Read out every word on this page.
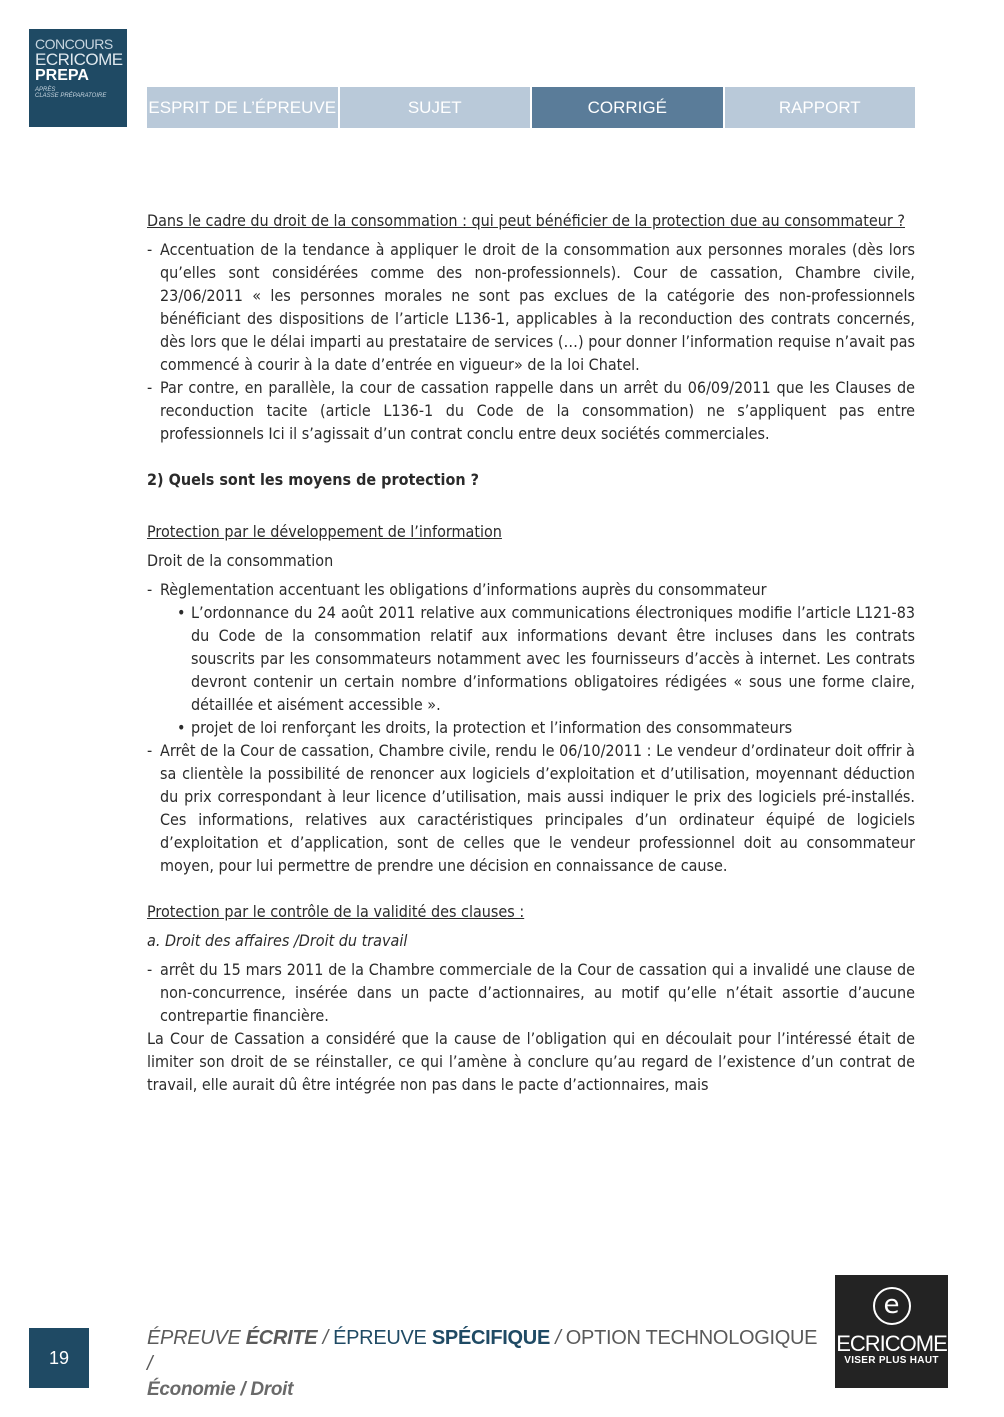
CONCOURS
ECRICOME
PREPA
APRÈS
CLASSE PRÉPARATOIRE
ESPRIT DE L’ÉPREUVE	SUJET	CORRIGÉ	RAPPORT

Dans le cadre du droit de la consommation : qui peut bénéficier de la protection due au consommateur ?

- Accentuation de la tendance à appliquer le droit de la consommation aux personnes morales (dès lors qu’elles sont considérées comme des non-professionnels). Cour de cassation, Chambre civile, 23/06/2011 « les personnes morales ne sont pas exclues de la catégorie des non-professionnels bénéficiant des dispositions de l’article L136-1, applicables à la reconduction des contrats concernés, dès lors que le délai imparti au prestataire de services (…) pour donner l’information requise n’avait pas commencé à courir à la date d’entrée en vigueur» de la loi Chatel.

- Par contre, en parallèle, la cour de cassation rappelle dans un arrêt du 06/09/2011 que les Clauses de reconduction tacite (article L136-1 du Code de la consommation) ne s’appliquent pas entre professionnels Ici il s’agissait d’un contrat conclu entre deux sociétés commerciales.

2) Quels sont les moyens de protection ?

Protection par le développement de l’information

Droit de la consommation

- Règlementation accentuant les obligations d’informations auprès du consommateur

• L’ordonnance du 24 août 2011 relative aux communications électroniques modifie l’article L121-83 du Code de la consommation relatif aux informations devant être incluses dans les contrats souscrits par les consommateurs notamment avec les fournisseurs d’accès à internet. Les contrats devront contenir un certain nombre d’informations obligatoires rédigées « sous une forme claire, détaillée et aisément accessible ».

• projet de loi renforçant les droits, la protection et l’information des consommateurs

- Arrêt de la Cour de cassation, Chambre civile, rendu le 06/10/2011 : Le vendeur d’ordinateur doit offrir à sa clientèle la possibilité de renoncer aux logiciels d’exploitation et d’utilisation, moyennant déduction du prix correspondant à leur licence d’utilisation, mais aussi indiquer le prix des logiciels pré-installés. Ces informations, relatives aux caractéristiques principales d’un ordinateur équipé de logiciels d’exploitation et d’application, sont de celles que le vendeur professionnel doit au consommateur moyen, pour lui permettre de prendre une décision en connaissance de cause.

Protection par le contrôle de la validité des clauses :

a. Droit des affaires /Droit du travail

- arrêt du 15 mars 2011 de la Chambre commerciale de la Cour de cassation qui a invalidé une clause de non-concurrence, insérée dans un pacte d’actionnaires, au motif qu’elle n’était assortie d’aucune contrepartie financière.

La Cour de Cassation a considéré que la cause de l’obligation qui en découlait pour l’intéressé était de limiter son droit de se réinstaller, ce qui l’amène à conclure qu’au regard de l’existence d’un contrat de travail, elle aurait dû être intégrée non pas dans le pacte d’actionnaires, mais

19
ÉPREUVE ÉCRITE / ÉPREUVE SPÉCIFIQUE / OPTION TECHNOLOGIQUE /
Économie / Droit
e
ECRICOME
VISER PLUS HAUT
